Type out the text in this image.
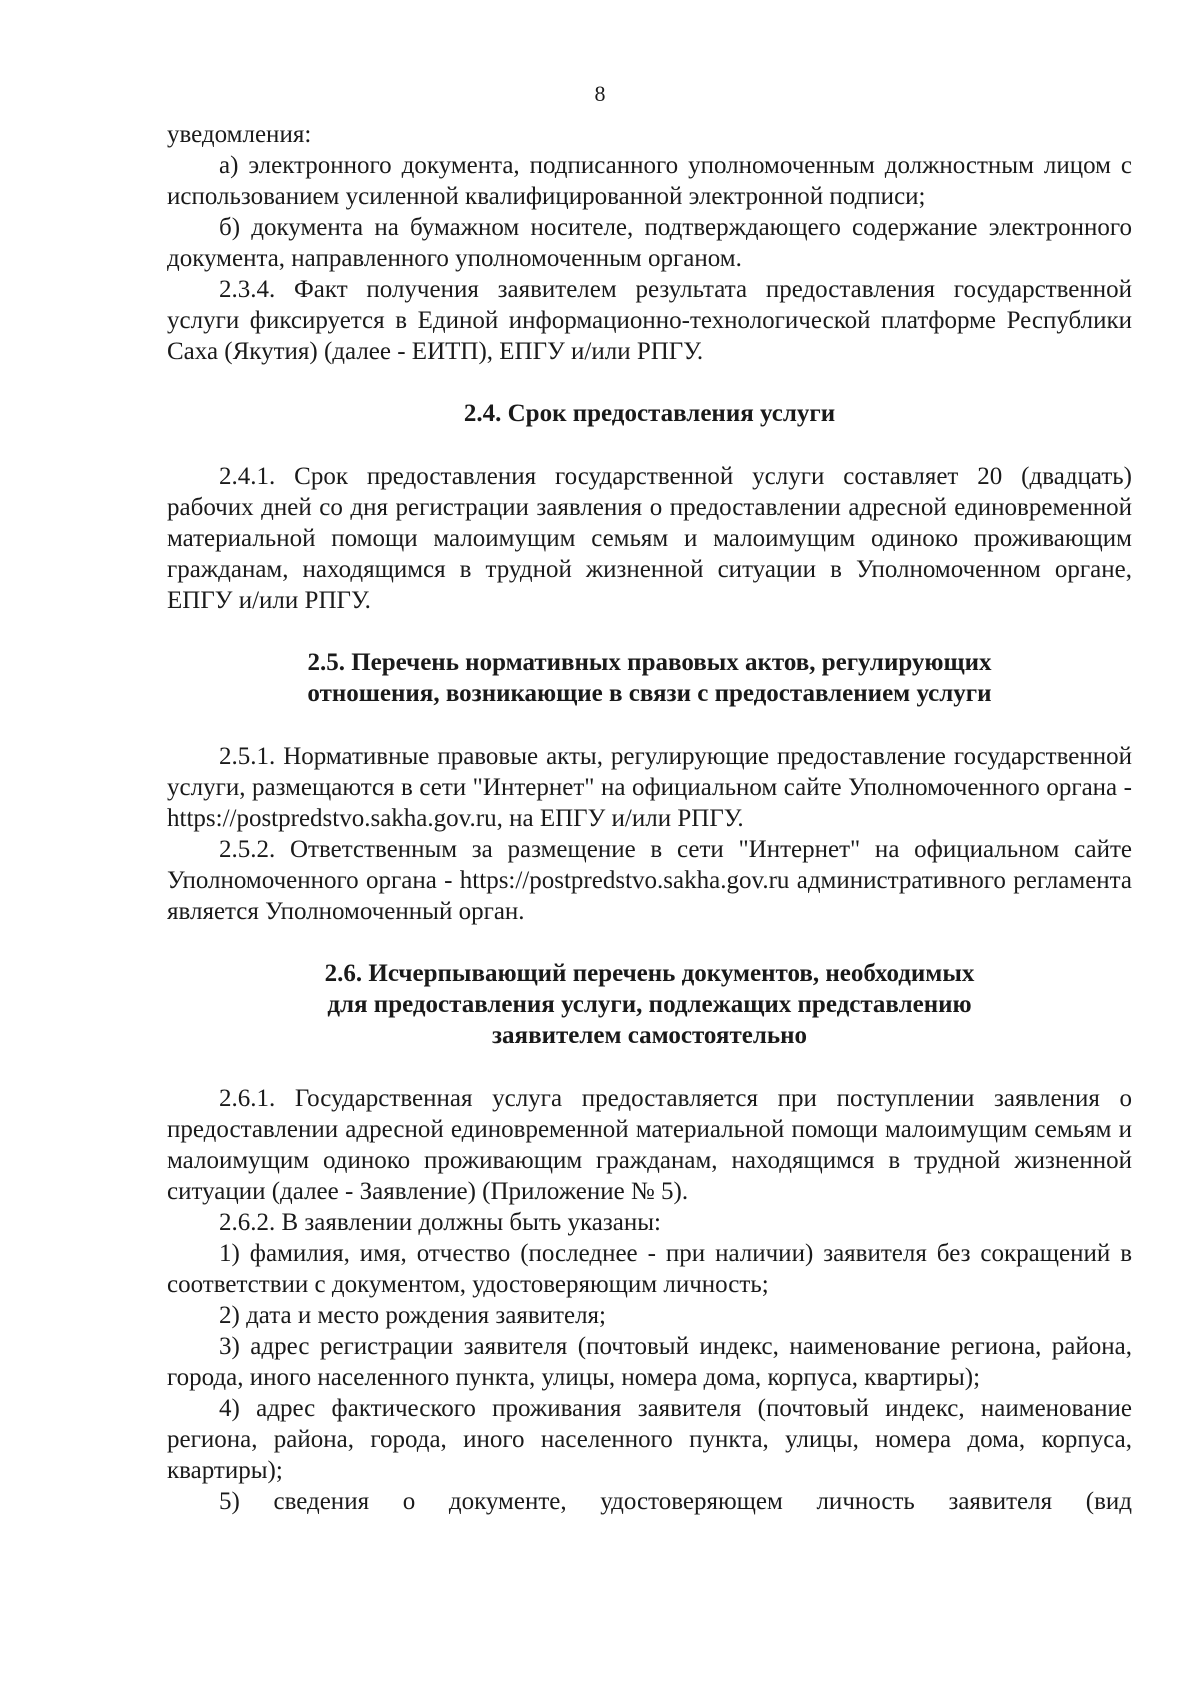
8

уведомления:

а) электронного документа, подписанного уполномоченным должностным лицом с использованием усиленной квалифицированной электронной подписи;

б) документа на бумажном носителе, подтверждающего содержание электронного документа, направленного уполномоченным органом.

2.3.4. Факт получения заявителем результата предоставления государственной услуги фиксируется в Единой информационно-технологической платформе Республики Саха (Якутия) (далее - ЕИТП), ЕПГУ и/или РПГУ.

2.4. Срок предоставления услуги

2.4.1. Срок предоставления государственной услуги составляет 20 (двадцать) рабочих дней со дня регистрации заявления о предоставлении адресной единовременной материальной помощи малоимущим семьям и малоимущим одиноко проживающим гражданам, находящимся в трудной жизненной ситуации в Уполномоченном органе, ЕПГУ и/или РПГУ.

2.5. Перечень нормативных правовых актов, регулирующих
отношения, возникающие в связи с предоставлением услуги

2.5.1. Нормативные правовые акты, регулирующие предоставление государственной услуги, размещаются в сети "Интернет" на официальном сайте Уполномоченного органа - https://postpredstvo.sakha.gov.ru, на ЕПГУ и/или РПГУ.

2.5.2. Ответственным за размещение в сети "Интернет" на официальном сайте Уполномоченного органа - https://postpredstvo.sakha.gov.ru административного регламента является Уполномоченный орган.

2.6. Исчерпывающий перечень документов, необходимых
для предоставления услуги, подлежащих представлению
заявителем самостоятельно

2.6.1. Государственная услуга предоставляется при поступлении заявления о предоставлении адресной единовременной материальной помощи малоимущим семьям и малоимущим одиноко проживающим гражданам, находящимся в трудной жизненной ситуации (далее - Заявление) (Приложение № 5).

2.6.2. В заявлении должны быть указаны:

1) фамилия, имя, отчество (последнее - при наличии) заявителя без сокращений в соответствии с документом, удостоверяющим личность;

2) дата и место рождения заявителя;

3) адрес регистрации заявителя (почтовый индекс, наименование региона, района, города, иного населенного пункта, улицы, номера дома, корпуса, квартиры);

4) адрес фактического проживания заявителя (почтовый индекс, наименование региона, района, города, иного населенного пункта, улицы, номера дома, корпуса, квартиры);

5) сведения о документе, удостоверяющем личность заявителя (вид
